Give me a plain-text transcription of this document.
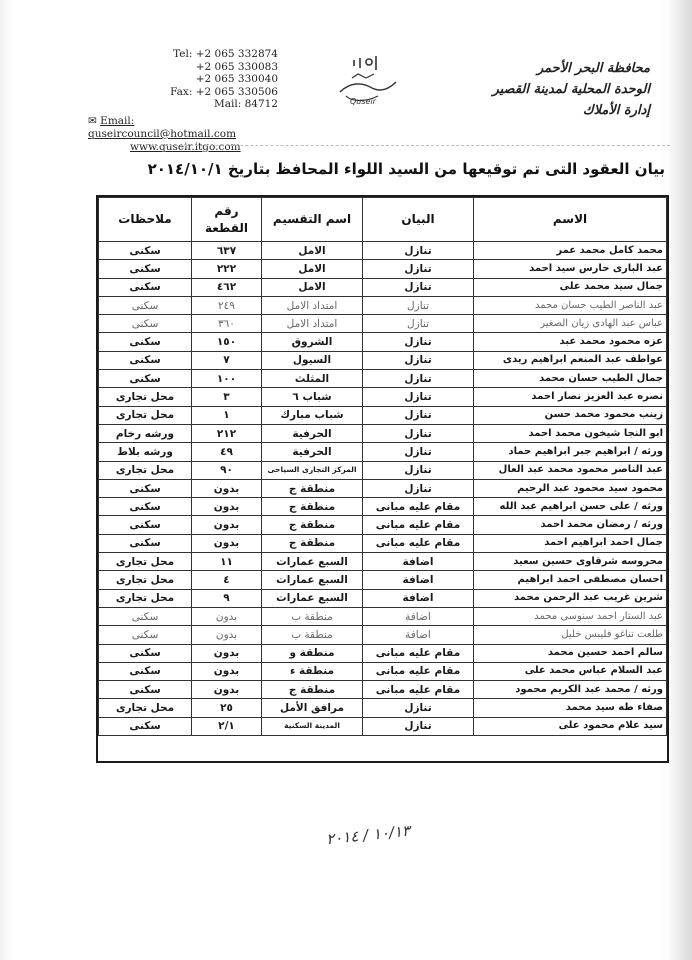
Tel: +2 065 332874
+2 065 330083
+2 065 330040
Fax: +2 065 330506
Mail: 84712
✉ Email: quseircouncil@hotmail.com
www.quseir.itgo.com
Quseir
محافظة البحر الأحمر
الوحدة المحلية لمدينة القصير
إدارة الأملاك
بيان العقود التى تم توقيعها من السيد اللواء المحافظ بتاريخ ٢٠١٤/١٠/١
الاسم	البيان	اسم التقسيم	رقم القطعة	ملاحظات
محمد كامل محمد عمر	تنازل	الامل	٦٣٧	سكنى
عبد البارى حارس سيد احمد	تنازل	الامل	٢٢٢	سكنى
جمال سيد محمد على	تنازل	الامل	٤٦٢	سكنى
عبد الناصر الطيب حسان محمد	تنازل	امتداد الامل	٢٤٩	سكنى
عباس عبد الهادى زيان الصغير	تنازل	امتداد الامل	٣٦٠	سكنى
عزه محمود محمد عبد	تنازل	الشروق	١٥٠	سكنى
عواطف عبد المنعم ابراهيم ريدى	تنازل	السيول	٧	سكنى
جمال الطيب حسان محمد	تنازل	المثلث	١٠٠	سكنى
نصره عبد العزيز نصار احمد	تنازل	شباب ٦	٣	محل تجارى
زينب محمود محمد حسن	تنازل	شباب مبارك	١	محل تجارى
ابو النجا شيخون محمد احمد	تنازل	الحرفية	٢١٢	ورشه رخام
ورثه / ابراهيم جبر ابراهيم حماد	تنازل	الحرفية	٤٩	ورشه بلاط
عبد الناصر محمود محمد عبد العال	تنازل	المركز التجارى السياحى	٩٠	محل تجارى
محمود سيد محمود عبد الرحيم	تنازل	منطقة ج	بدون	سكنى
ورثه / على حسن ابراهيم عبد الله	مقام عليه مبانى	منطقة ج	بدون	سكنى
ورثه / رمضان محمد احمد	مقام عليه مبانى	منطقة ج	بدون	سكنى
جمال احمد ابراهيم احمد	مقام عليه مبانى	منطقة ج	بدون	سكنى
محروسه شرقاوى حسين سعيد	اضافة	السبع عمارات	١١	محل تجارى
احسان مصطفى احمد ابراهيم	اضافة	السبع عمارات	٤	محل تجارى
شرين غريب عبد الرحمن محمد	اضافة	السبع عمارات	٩	محل تجارى
عبد الستار احمد سنوسى محمد	اضافة	منطقة ب	بدون	سكنى
طلعت تناغو فليبس خليل	اضافة	منطقة ب	بدون	سكنى
سالم احمد حسين محمد	مقام عليه مبانى	منطقة و	بدون	سكنى
عبد السلام عباس محمد على	مقام عليه مبانى	منطقة ء	بدون	سكنى
ورثه / محمد عبد الكريم محمود	مقام عليه مبانى	منطقة ج	بدون	سكنى
صفاء طه سيد محمد	تنازل	مرافق الأمل	٢٥	محل تجارى
سيد علام محمود على	تنازل	المدينة السكنية	٢/١	سكنى
١٠/١٣ / ٢٠١٤
